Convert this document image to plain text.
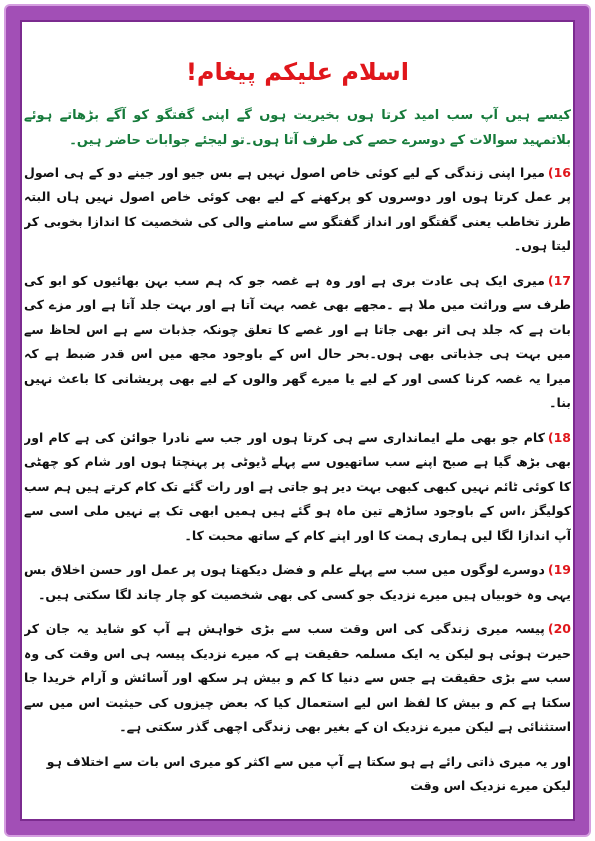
اسلام علیکم پیغام!

کیسے ہیں آپ سب امید کرتا ہوں بخیریت ہوں گے اپنی گفتگو کو آگے بڑھاتے ہوئے بلاتمہید سوالات کے دوسرے حصے کی طرف آتا ہوں۔تو لیجئے جوابات حاضر ہیں۔

16)میرا اپنی زندگی کے لیے کوئی خاص اصول نہیں ہے بس جیو اور جینے دو کے ہی اصول پر عمل کرتا ہوں اور دوسروں کو پرکھنے کے لیے بھی کوئی خاص اصول نہیں ہاں البتہ طرز تخاطب یعنی گفتگو اور انداز گفتگو سے سامنے والی کی شخصیت کا اندازا بخوبی کر لیتا ہوں۔

17)میری ایک ہی عادت بری ہے اور وہ ہے غصہ جو کہ ہم سب بہن بھائیوں کو ابو کی طرف سے وراثت میں ملا ہے ۔مجھے بھی غصہ بہت آتا ہے اور بہت جلد آتا ہے اور مزے کی بات ہے کہ جلد ہی اتر بھی جاتا ہے اور غصے کا تعلق چونکہ جذبات سے ہے اس لحاظ سے میں بہت ہی جذباتی بھی ہوں۔بحر حال اس کے باوجود مجھ میں اس قدر ضبط ہے کہ میرا یہ غصہ کرنا کسی اور کے لیے یا میرے گھر والوں کے لیے بھی پریشانی کا باعث نہیں بنا۔

18)کام جو بھی ملے ایمانداری سے ہی کرتا ہوں اور جب سے نادرا جوائن کی ہے کام اور بھی بڑھ گیا ہے صبح اپنے سب ساتھیوں سے پہلے ڈیوٹی پر پہنچتا ہوں اور شام کو چھٹی کا کوئی ٹائم نہیں کبھی کبھی بہت دیر ہو جاتی ہے اور رات گئے تک کام کرتے ہیں ہم سب کولیگز ،اس کے باوجود ساڑھے تین ماہ ہو گئے ہیں ہمیں ابھی تک پے نہیں ملی اسی سے آپ اندازا لگا لیں ہماری ہمت کا اور اپنے کام کے ساتھ محبت کا۔

19)دوسرے لوگوں میں سب سے پہلے علم و فضل دیکھتا ہوں پر عمل اور حسن اخلاق بس یہی وہ خوبیاں ہیں میرے نزدیک جو کسی کی بھی شخصیت کو چار چاند لگا سکتی ہیں۔

20)پیسہ میری زندگی کی اس وقت سب سے بڑی خواہش ہے آپ کو شاید یہ جان کر حیرت ہوئی ہو لیکن یہ ایک مسلمہ حقیقت ہے کہ میرے نزدیک پیسہ ہی اس وقت کی وہ سب سے بڑی حقیقت ہے جس سے دنیا کا کم و بیش ہر سکھ اور آسائش و آرام خریدا جا سکتا ہے کم و بیش کا لفظ اس لیے استعمال کیا کہ بعض چیزوں کی حیثیت اس میں سے استثنائی ہے لیکن میرے نزدیک ان کے بغیر بھی زندگی اچھی گذر سکتی ہے۔

اور یہ میری ذاتی رائے ہے ہو سکتا ہے آپ میں سے اکثر کو میری اس بات سے اختلاف ہو لیکن میرے نزدیک اس وقت
